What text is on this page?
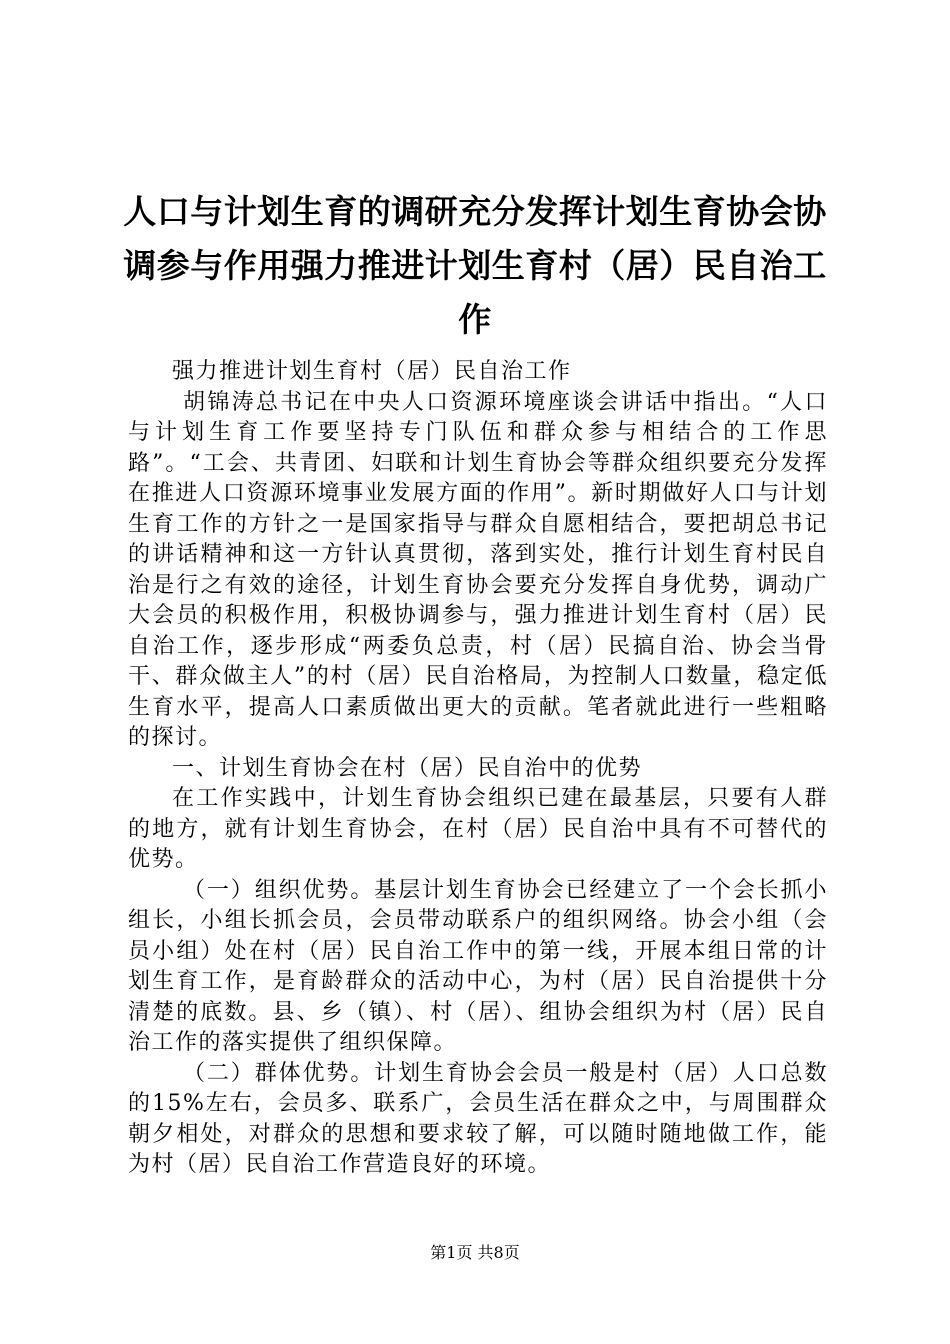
人口与计划生育的调研充分发挥计划生育协会协调参与作用强力推进计划生育村（居）民自治工作

强力推进计划生育村（居）民自治工作

胡锦涛总书记在中央人口资源环境座谈会讲话中指出。“人口与计划生育工作要坚持专门队伍和群众参与相结合的工作思路”。“工会、共青团、妇联和计划生育协会等群众组织要充分发挥在推进人口资源环境事业发展方面的作用”。新时期做好人口与计划生育工作的方针之一是国家指导与群众自愿相结合，要把胡总书记的讲话精神和这一方针认真贯彻，落到实处，推行计划生育村民自治是行之有效的途径，计划生育协会要充分发挥自身优势，调动广大会员的积极作用，积极协调参与，强力推进计划生育村（居）民自治工作，逐步形成“两委负总责，村（居）民搞自治、协会当骨干、群众做主人”的村（居）民自治格局，为控制人口数量，稳定低生育水平，提高人口素质做出更大的贡献。笔者就此进行一些粗略的探讨。

一、计划生育协会在村（居）民自治中的优势

在工作实践中，计划生育协会组织已建在最基层，只要有人群的地方，就有计划生育协会，在村（居）民自治中具有不可替代的优势。

（一）组织优势。基层计划生育协会已经建立了一个会长抓小组长，小组长抓会员，会员带动联系户的组织网络。协会小组（会员小组）处在村（居）民自治工作中的第一线，开展本组日常的计划生育工作，是育龄群众的活动中心，为村（居）民自治提供十分清楚的底数。县、乡（镇）、村（居）、组协会组织为村（居）民自治工作的落实提供了组织保障。

（二）群体优势。计划生育协会会员一般是村（居）人口总数的15%左右，会员多、联系广，会员生活在群众之中，与周围群众朝夕相处，对群众的思想和要求较了解，可以随时随地做工作，能为村（居）民自治工作营造良好的环境。

第1页 共8页
